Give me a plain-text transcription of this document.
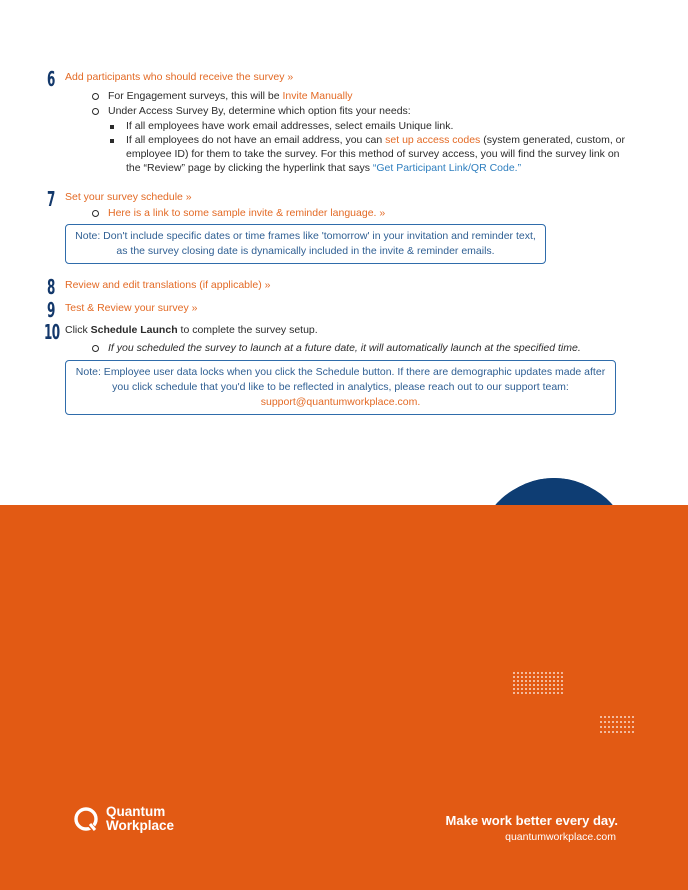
6 Add participants who should receive the survey »
For Engagement surveys, this will be Invite Manually
Under Access Survey By, determine which option fits your needs:
If all employees have work email addresses, select emails Unique link.
If all employees do not have an email address, you can set up access codes (system generated, custom, or employee ID) for them to take the survey. For this method of survey access, you will find the survey link on the “Review” page by clicking the hyperlink that says “Get Participant Link/QR Code.”
7 Set your survey schedule »
Here is a link to some sample invite & reminder language. »
Note: Don't include specific dates or time frames like 'tomorrow' in your invitation and reminder text, as the survey closing date is dynamically included in the invite & reminder emails.
8 Review and edit translations (if applicable) »
9 Test & Review your survey »
10 Click Schedule Launch to complete the survey setup.
If you scheduled the survey to launch at a future date, it will automatically launch at the specified time.
Note: Employee user data locks when you click the Schedule button. If there are demographic updates made after you click schedule that you'd like to be reflected in analytics, please reach out to our support team:
support@quantumworkplace.com.
Quantum
Workplace	Make work better every day.
quantumworkplace.com
